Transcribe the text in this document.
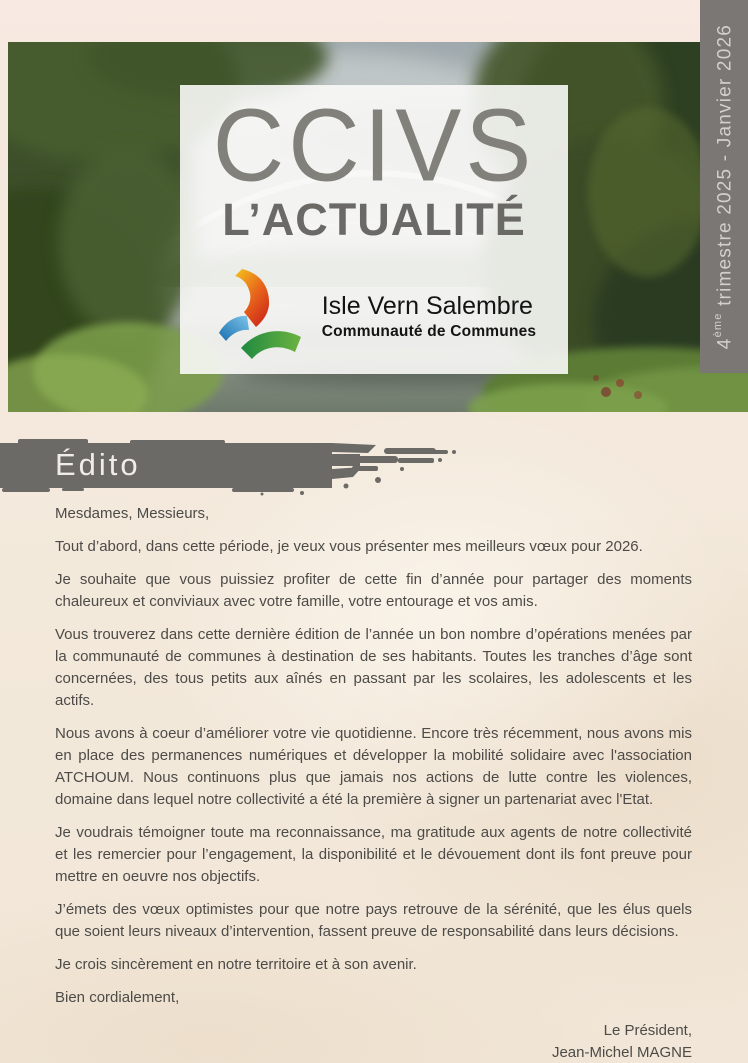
4ème trimestre 2025 - Janvier 2026
CCIVS
L’ACTUALITÉ
Isle Vern Salembre
Communauté de Communes
Édito

Mesdames, Messieurs,

Tout d’abord, dans cette période, je veux vous présenter mes meilleurs vœux pour 2026.

Je souhaite que vous puissiez profiter de cette fin d’année pour partager des moments chaleureux et conviviaux avec votre famille, votre entourage et vos amis.

Vous trouverez dans cette dernière édition de l’année un bon nombre d’opérations menées par la communauté de communes à destination de ses habitants. Toutes les tranches d’âge sont concernées, des tous petits aux aînés en passant par les scolaires, les adolescents et les actifs.

Nous avons à coeur d’améliorer votre vie quotidienne. Encore très récemment, nous avons mis en place des permanences numériques et développer la mobilité solidaire avec l'association ATCHOUM. Nous continuons plus que jamais nos actions de lutte contre les violences, domaine dans lequel notre collectivité a été la première à signer un partenariat avec l'Etat.

Je voudrais témoigner toute ma reconnaissance, ma gratitude aux agents de notre collectivité et les remercier pour l’engagement, la disponibilité et le dévouement dont ils font preuve pour mettre en oeuvre nos objectifs.

J’émets des vœux optimistes pour que notre pays retrouve de la sérénité, que les élus quels que soient leurs niveaux d’intervention, fassent preuve de responsabilité dans leurs décisions.

Je crois sincèrement en notre territoire et à son avenir.

Bien cordialement,

Le Président,
Jean-Michel MAGNE
